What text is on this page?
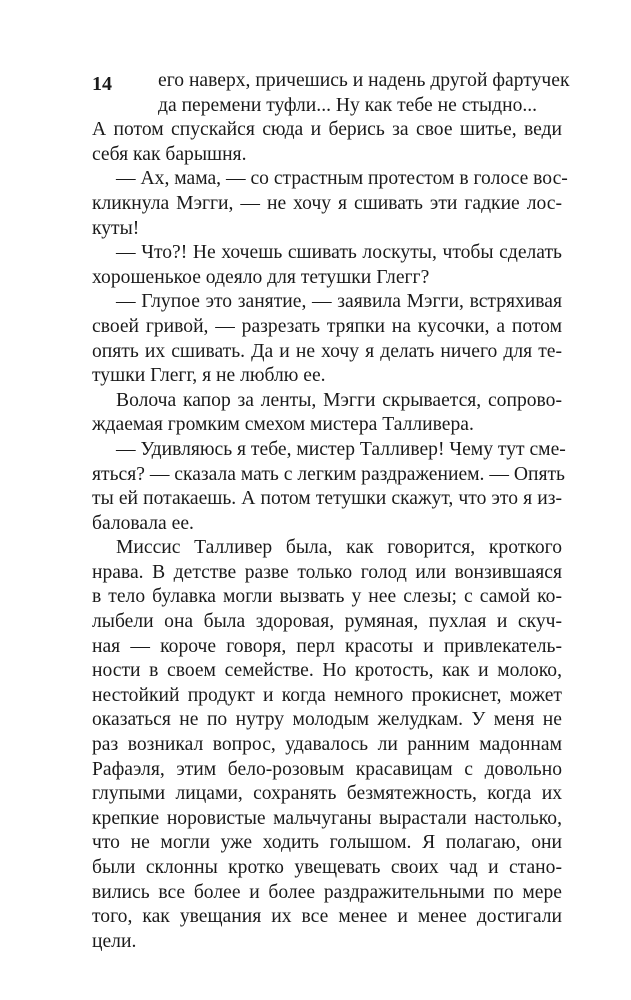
14	его наверх, причешись и надень другой фартучек
да перемени туфли... Ну как тебе не стыдно...
А потом спускайся сюда и берись за свое шитье, веди
себя как барышня.
— Ах, мама, — со страстным протестом в голосе вос-
кликнула Мэгги, — не хочу я сшивать эти гадкие лос-
куты!
— Что?! Не хочешь сшивать лоскуты, чтобы сделать
хорошенькое одеяло для тетушки Глегг?
— Глупое это занятие, — заявила Мэгги, встряхивая
своей гривой, — разрезать тряпки на кусочки, а потом
опять их сшивать. Да и не хочу я делать ничего для те-
тушки Глегг, я не люблю ее.
Волоча капор за ленты, Мэгги скрывается, сопрово-
ждаемая громким смехом мистера Талливера.
— Удивляюсь я тебе, мистер Талливер! Чему тут сме-
яться? — сказала мать с легким раздражением. — Опять
ты ей потакаешь. А потом тетушки скажут, что это я из-
баловала ее.
Миссис Талливер была, как говорится, кроткого
нрава. В детстве разве только голод или вонзившаяся
в тело булавка могли вызвать у нее слезы; с самой ко-
лыбели она была здоровая, румяная, пухлая и скуч-
ная — короче говоря, перл красоты и привлекатель-
ности в своем семействе. Но кротость, как и молоко,
нестойкий продукт и когда немного прокиснет, может
оказаться не по нутру молодым желудкам. У меня не
раз возникал вопрос, удавалось ли ранним мадоннам
Рафаэля, этим бело-розовым красавицам с довольно
глупыми лицами, сохранять безмятежность, когда их
крепкие норовистые мальчуганы вырастали настолько,
что не могли уже ходить голышом. Я полагаю, они
были склонны кротко увещевать своих чад и стано-
вились все более и более раздражительными по мере
того, как увещания их все менее и менее достигали
цели.
